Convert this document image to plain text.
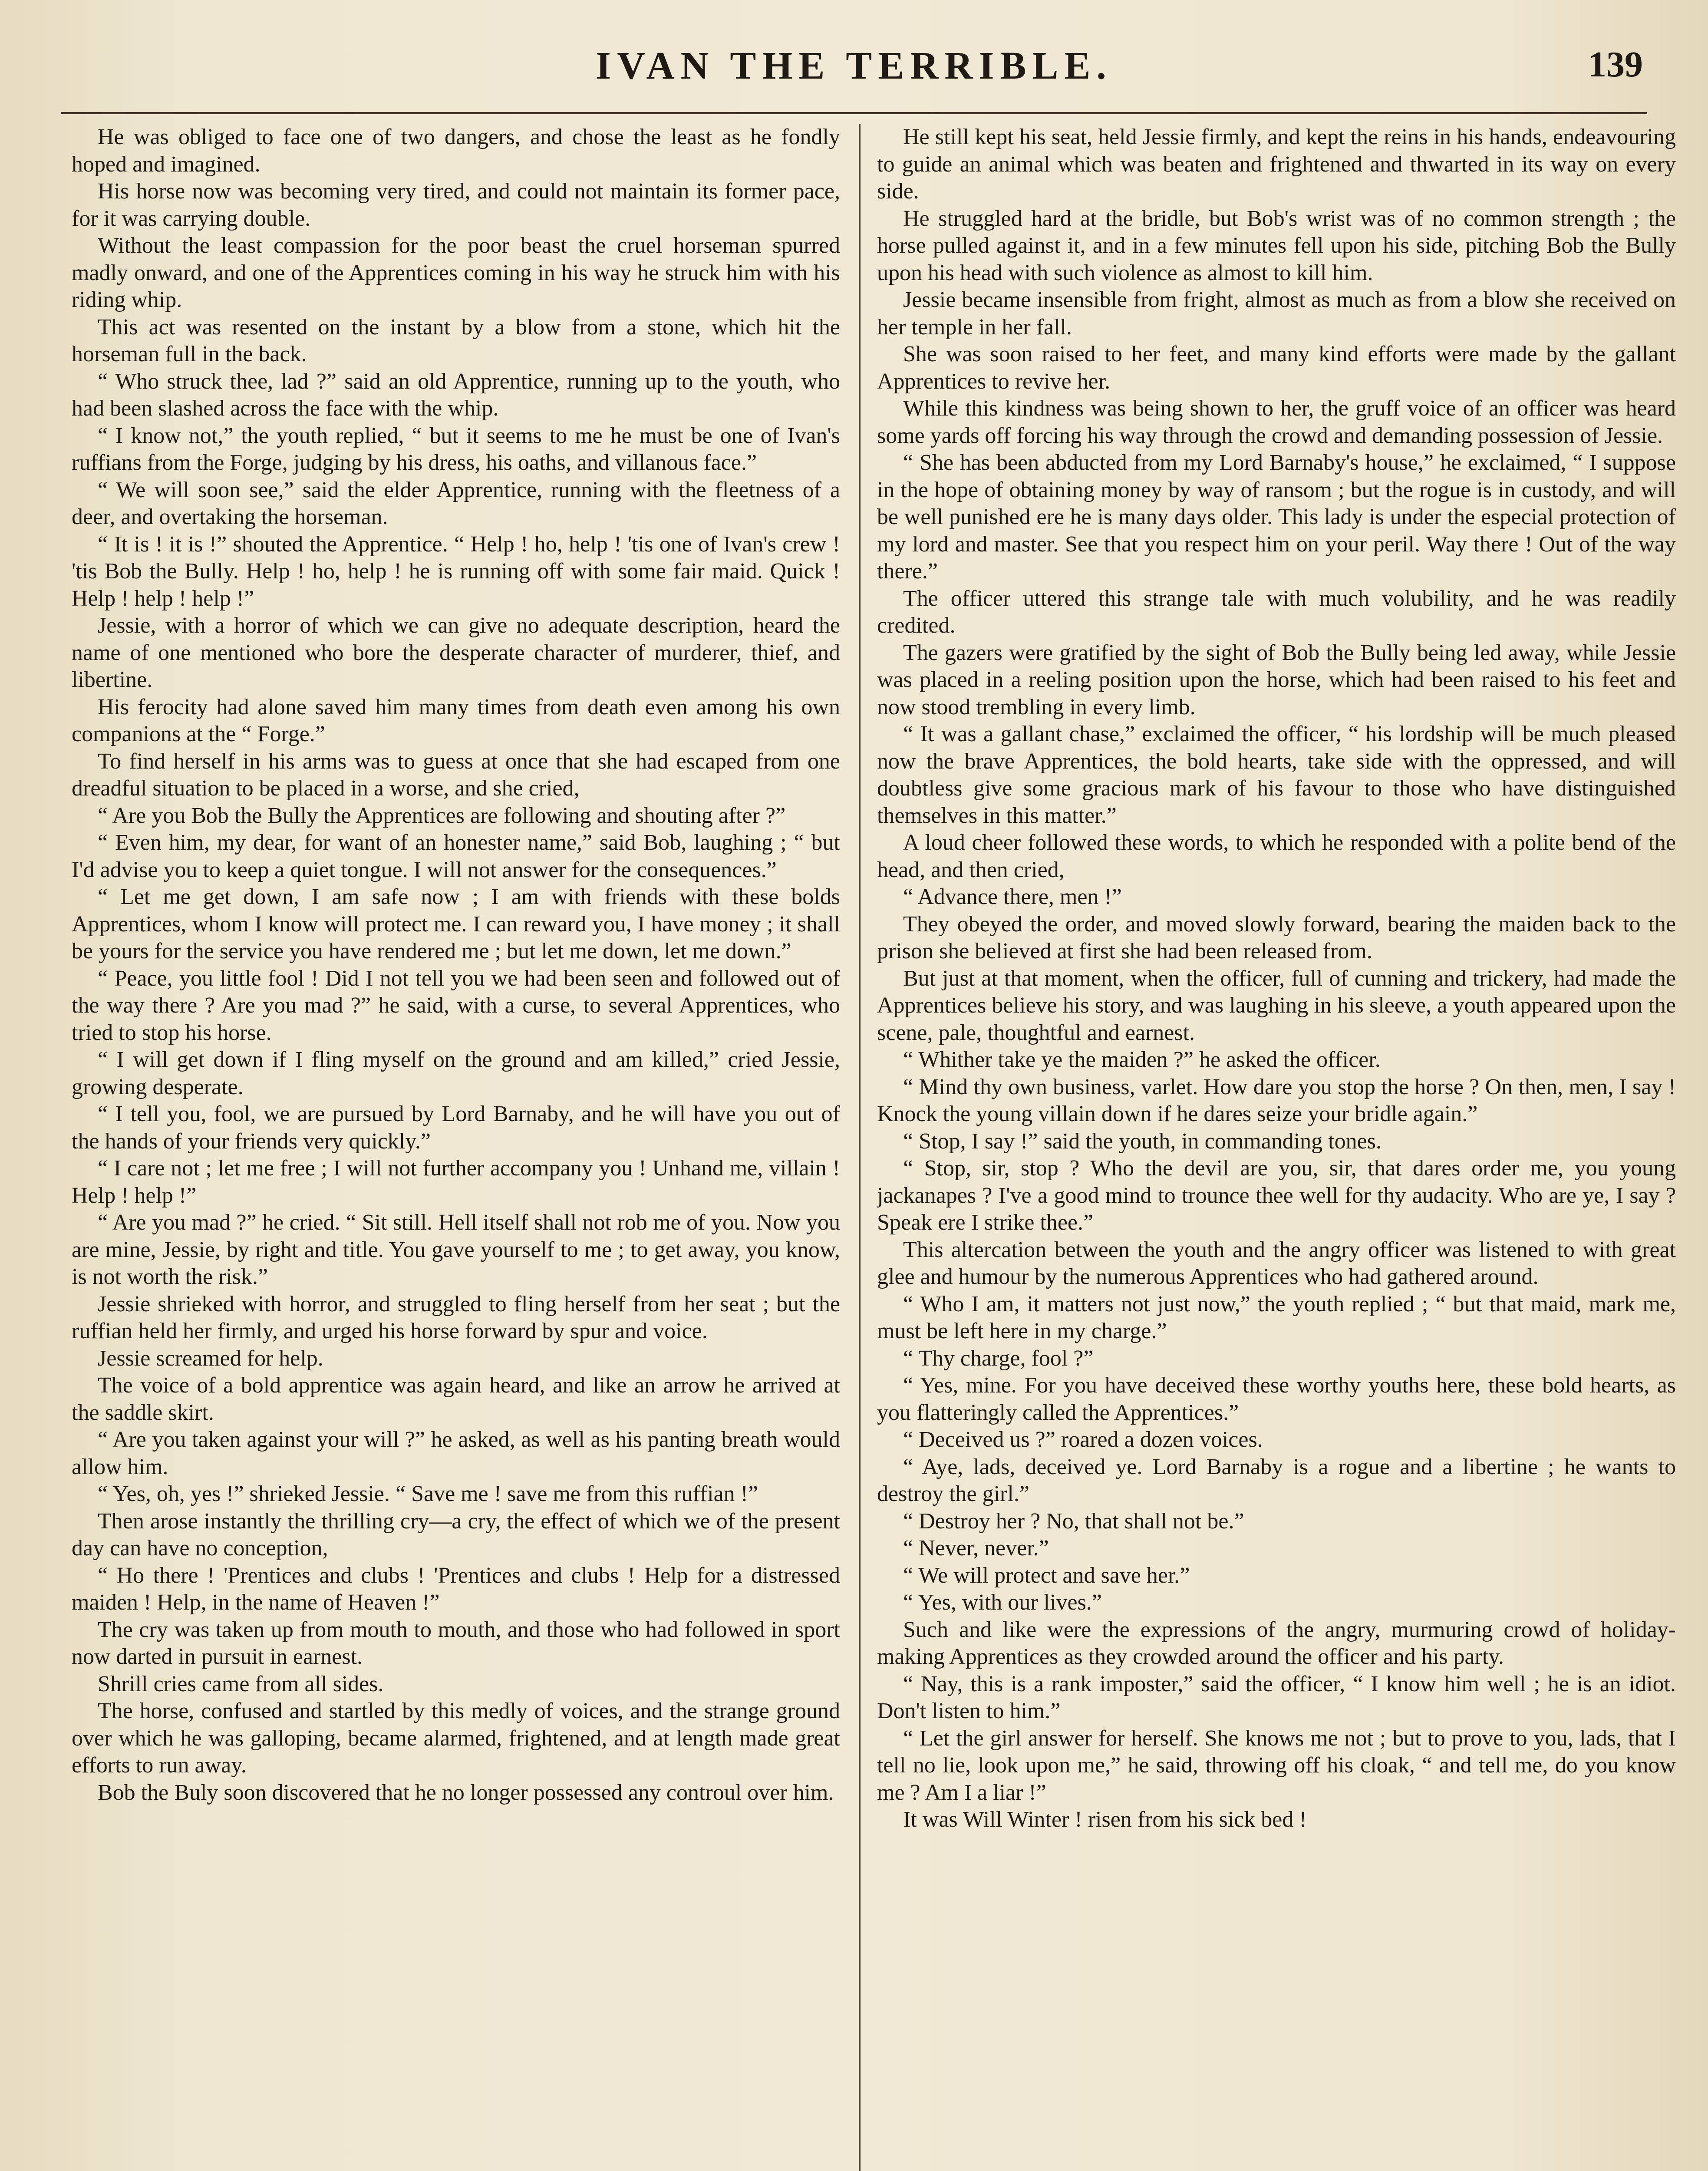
IVAN THE TERRIBLE.	139

He was obliged to face one of two dangers, and chose the least as he fondly hoped and imagined.

His horse now was becoming very tired, and could not maintain its former pace, for it was carrying double.

Without the least compassion for the poor beast the cruel horseman spurred madly onward, and one of the Apprentices coming in his way he struck him with his riding whip.

This act was resented on the instant by a blow from a stone, which hit the horseman full in the back.

“ Who struck thee, lad ?” said an old Apprentice, running up to the youth, who had been slashed across the face with the whip.

“ I know not,” the youth replied, “ but it seems to me he must be one of Ivan's ruffians from the Forge, judging by his dress, his oaths, and villanous face.”

“ We will soon see,” said the elder Apprentice, running with the fleetness of a deer, and overtaking the horseman.

“ It is ! it is !” shouted the Apprentice. “ Help ! ho, help ! 'tis one of Ivan's crew ! 'tis Bob the Bully. Help ! ho, help ! he is running off with some fair maid. Quick ! Help ! help ! help !”

Jessie, with a horror of which we can give no adequate description, heard the name of one mentioned who bore the desperate character of murderer, thief, and libertine.

His ferocity had alone saved him many times from death even among his own companions at the “ Forge.”

To find herself in his arms was to guess at once that she had escaped from one dreadful situation to be placed in a worse, and she cried,

“ Are you Bob the Bully the Apprentices are following and shouting after ?”

“ Even him, my dear, for want of an honester name,” said Bob, laughing ; “ but I'd advise you to keep a quiet tongue. I will not answer for the consequences.”

“ Let me get down, I am safe now ; I am with friends with these bolds Apprentices, whom I know will protect me. I can reward you, I have money ; it shall be yours for the service you have rendered me ; but let me down, let me down.”

“ Peace, you little fool ! Did I not tell you we had been seen and followed out of the way there ? Are you mad ?” he said, with a curse, to several Apprentices, who tried to stop his horse.

“ I will get down if I fling myself on the ground and am killed,” cried Jessie, growing desperate.

“ I tell you, fool, we are pursued by Lord Barnaby, and he will have you out of the hands of your friends very quickly.”

“ I care not ; let me free ; I will not further accompany you ! Unhand me, villain ! Help ! help !”

“ Are you mad ?” he cried. “ Sit still. Hell itself shall not rob me of you. Now you are mine, Jessie, by right and title. You gave yourself to me ; to get away, you know, is not worth the risk.”

Jessie shrieked with horror, and struggled to fling herself from her seat ; but the ruffian held her firmly, and urged his horse forward by spur and voice.

Jessie screamed for help.

The voice of a bold apprentice was again heard, and like an arrow he arrived at the saddle skirt.

“ Are you taken against your will ?” he asked, as well as his panting breath would allow him.

“ Yes, oh, yes !” shrieked Jessie. “ Save me ! save me from this ruffian !”

Then arose instantly the thrilling cry—a cry, the effect of which we of the present day can have no conception,

“ Ho there ! 'Prentices and clubs ! 'Prentices and clubs ! Help for a distressed maiden ! Help, in the name of Heaven !”

The cry was taken up from mouth to mouth, and those who had followed in sport now darted in pursuit in earnest.

Shrill cries came from all sides.

The horse, confused and startled by this medly of voices, and the strange ground over which he was galloping, became alarmed, frightened, and at length made great efforts to run away.

Bob the Buly soon discovered that he no longer possessed any controul over him.

He still kept his seat, held Jessie firmly, and kept the reins in his hands, endeavouring to guide an animal which was beaten and frightened and thwarted in its way on every side.

He struggled hard at the bridle, but Bob's wrist was of no common strength ; the horse pulled against it, and in a few minutes fell upon his side, pitching Bob the Bully upon his head with such violence as almost to kill him.

Jessie became insensible from fright, almost as much as from a blow she received on her temple in her fall.

She was soon raised to her feet, and many kind efforts were made by the gallant Apprentices to revive her.

While this kindness was being shown to her, the gruff voice of an officer was heard some yards off forcing his way through the crowd and demanding possession of Jessie.

“ She has been abducted from my Lord Barnaby's house,” he exclaimed, “ I suppose in the hope of obtaining money by way of ransom ; but the rogue is in custody, and will be well punished ere he is many days older. This lady is under the especial protection of my lord and master. See that you respect him on your peril. Way there ! Out of the way there.”

The officer uttered this strange tale with much volubility, and he was readily credited.

The gazers were gratified by the sight of Bob the Bully being led away, while Jessie was placed in a reeling position upon the horse, which had been raised to his feet and now stood trembling in every limb.

“ It was a gallant chase,” exclaimed the officer, “ his lordship will be much pleased now the brave Apprentices, the bold hearts, take side with the oppressed, and will doubtless give some gracious mark of his favour to those who have distinguished themselves in this matter.”

A loud cheer followed these words, to which he responded with a polite bend of the head, and then cried,

“ Advance there, men !”

They obeyed the order, and moved slowly forward, bearing the maiden back to the prison she believed at first she had been released from.

But just at that moment, when the officer, full of cunning and trickery, had made the Apprentices believe his story, and was laughing in his sleeve, a youth appeared upon the scene, pale, thoughtful and earnest.

“ Whither take ye the maiden ?” he asked the officer.

“ Mind thy own business, varlet. How dare you stop the horse ? On then, men, I say ! Knock the young villain down if he dares seize your bridle again.”

“ Stop, I say !” said the youth, in commanding tones.

“ Stop, sir, stop ? Who the devil are you, sir, that dares order me, you young jackanapes ? I've a good mind to trounce thee well for thy audacity. Who are ye, I say ? Speak ere I strike thee.”

This altercation between the youth and the angry officer was listened to with great glee and humour by the numerous Apprentices who had gathered around.

“ Who I am, it matters not just now,” the youth replied ; “ but that maid, mark me, must be left here in my charge.”

“ Thy charge, fool ?”

“ Yes, mine. For you have deceived these worthy youths here, these bold hearts, as you flatteringly called the Apprentices.”

“ Deceived us ?” roared a dozen voices.

“ Aye, lads, deceived ye. Lord Barnaby is a rogue and a libertine ; he wants to destroy the girl.”

“ Destroy her ? No, that shall not be.”

“ Never, never.”

“ We will protect and save her.”

“ Yes, with our lives.”

Such and like were the expressions of the angry, murmuring crowd of holiday-making Apprentices as they crowded around the officer and his party.

“ Nay, this is a rank imposter,” said the officer, “ I know him well ; he is an idiot. Don't listen to him.”

“ Let the girl answer for herself. She knows me not ; but to prove to you, lads, that I tell no lie, look upon me,” he said, throwing off his cloak, “ and tell me, do you know me ? Am I a liar !”

It was Will Winter ! risen from his sick bed !
